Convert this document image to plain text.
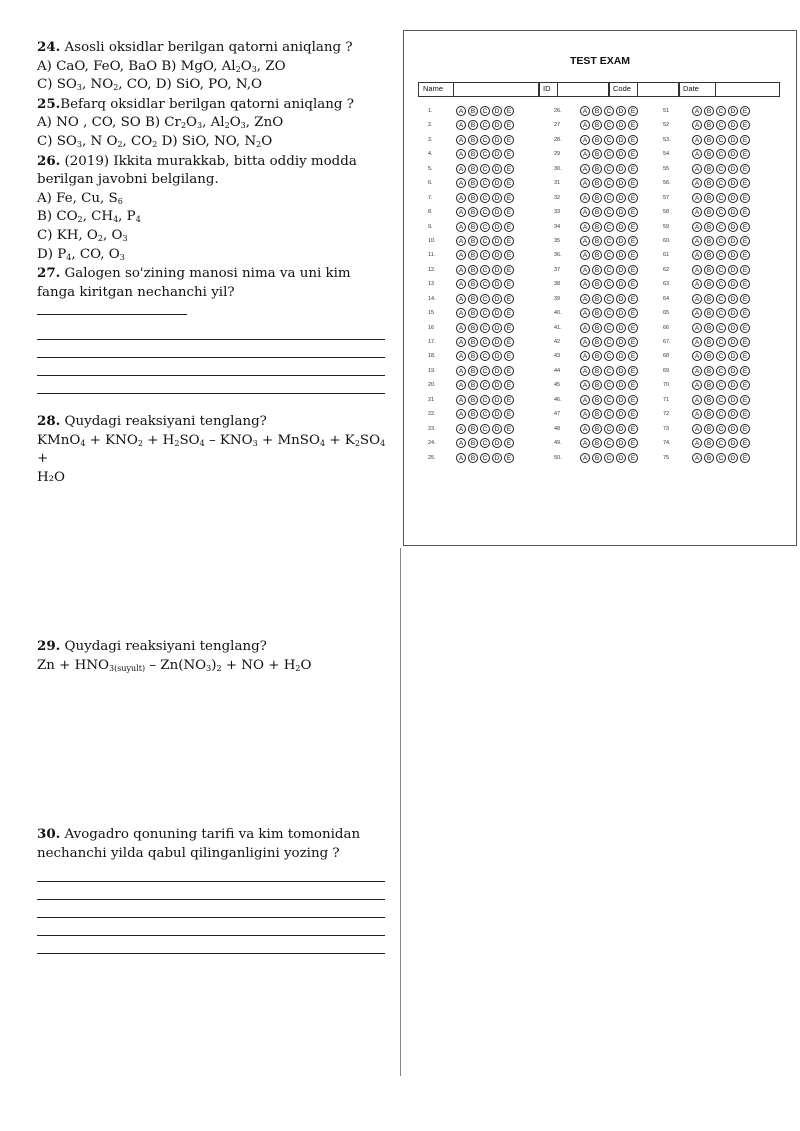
24. Asosli oksidlar berilgan qatorni aniqlang ?

A) CaO, FeO, BaO B) MgO, $Al_2O_3$, ZO

C) $SO_3$, $NO_2$, CO, D) SiO, PO, N,O

25.Befarq oksidlar berilgan qatorni aniqlang ?

A) NO , CO, SO B) $Cr_2O_3$, $Al_2O_3$, ZnO

C) $SO_3$, N $O_2$, $CO_2$ D) SiO, NO, $N_2O$

26. (2019) Ikkita murakkab, bitta oddiy modda berilgan javobni belgilang.

A) Fe, Cu, $S_6$

B) $CO_2$, $CH_4$, $P_4$

C) KH, $O_2$, $O_3$

D) $P_4$, CO, $O_3$

27. Galogen so'zining manosi nima va uni kim fanga kiritgan nechanchi yil?

28. Quydagi reaksiyani tenglang?

KMnO$_4$ + $KNO_2 + H_2SO_4 - KNO_3$ + MnSO$_4$ + $K_2SO_4$ +

H₂O

29. Quydagi reaksiyani tenglang?

$Zn + HNO_{3(suyult)} - Zn(NO_3)_2$ + NO + $H_2O$

30. Avogadro qonuning tarifi va kim tomonidan nechanchi yilda qabul qilinganligini yozing ?

TEST EXAM
Name	ID	Code	Date
1.	A	B	C	D	E	26.	A	B	C	D	E	51	A	B	C	D	E
2.	A	B	C	D	E	27	A	B	C	D	E	52	A	B	C	D	E
3.	A	B	C	D	E	28.	A	B	C	D	E	53.	A	B	C	D	E
4.	A	B	C	D	E	29	A	B	C	D	E	54	A	B	C	D	E
5.	A	B	C	D	E	30.	A	B	C	D	E	55	A	B	C	D	E
6.	A	B	C	D	E	31	A	B	C	D	E	56.	A	B	C	D	E
7.	A	B	C	D	E	32	A	B	C	D	E	57	A	B	C	D	E
8.	A	B	C	D	E	33	A	B	C	D	E	58	A	B	C	D	E
9.	A	B	C	D	E	34	A	B	C	D	E	59	A	B	C	D	E
10.	A	B	C	D	E	35	A	B	C	D	E	60.	A	B	C	D	E
11.	A	B	C	D	E	36.	A	B	C	D	E	61	A	B	C	D	E
12.	A	B	C	D	E	37	A	B	C	D	E	62	A	B	C	D	E
13	A	B	C	D	E	38	A	B	C	D	E	63	A	B	C	D	E
14.	A	B	C	D	E	39	A	B	C	D	E	64	A	B	C	D	E
15	A	B	C	D	E	40.	A	B	C	D	E	65	A	B	C	D	E
16	A	B	C	D	E	41.	A	B	C	D	E	66	A	B	C	D	E
17.	A	B	C	D	E	42	A	B	C	D	E	67.	A	B	C	D	E
18.	A	B	C	D	E	43	A	B	C	D	E	68	A	B	C	D	E
19.	A	B	C	D	E	44	A	B	C	D	E	69	A	B	C	D	E
20.	A	B	C	D	E	45	A	B	C	D	E	70	A	B	C	D	E
21	A	B	C	D	E	46.	A	B	C	D	E	71	A	B	C	D	E
22.	A	B	C	D	E	47	A	B	C	D	E	72	A	B	C	D	E
23.	A	B	C	D	E	48	A	B	C	D	E	73	A	B	C	D	E
24.	A	B	C	D	E	49.	A	B	C	D	E	74.	A	B	C	D	E
25.	A	B	C	D	E	50.	A	B	C	D	E	75	A	B	C	D	E
